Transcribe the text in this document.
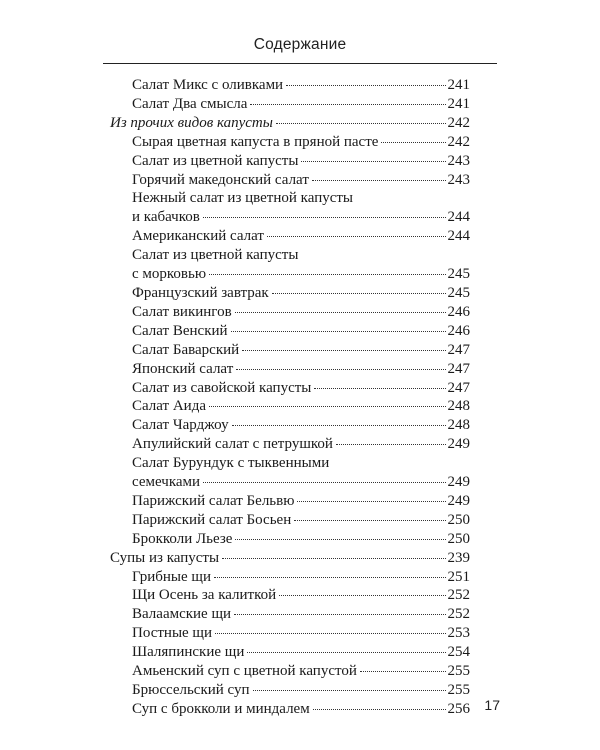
Содержание
Салат Микс с оливками	241
Салат Два смысла	241
Из прочих видов капусты	242
Сырая цветная капуста в пряной пасте	242
Салат из цветной капусты	243
Горячий македонский салат	243
Нежный салат из цветной капусты
и кабачков	244
Американский салат	244
Салат из цветной капусты
с морковью	245
Французский завтрак	245
Салат викингов	246
Салат Венский	246
Салат Баварский	247
Японский салат	247
Салат из савойской капусты	247
Салат Аида	248
Салат Чарджоу	248
Апулийский салат с петрушкой	249
Салат Бурундук с тыквенными
семечками	249
Парижский салат Бельвю	249
Парижский салат Босьен	250
Брокколи Льезе	250
Супы из капусты	239
Грибные щи	251
Щи Осень за калиткой	252
Валаамские щи	252
Постные щи	253
Шаляпинские щи	254
Амьенский суп с цветной капустой	255
Брюссельский суп	255
Суп с брокколи и миндалем	256	17
